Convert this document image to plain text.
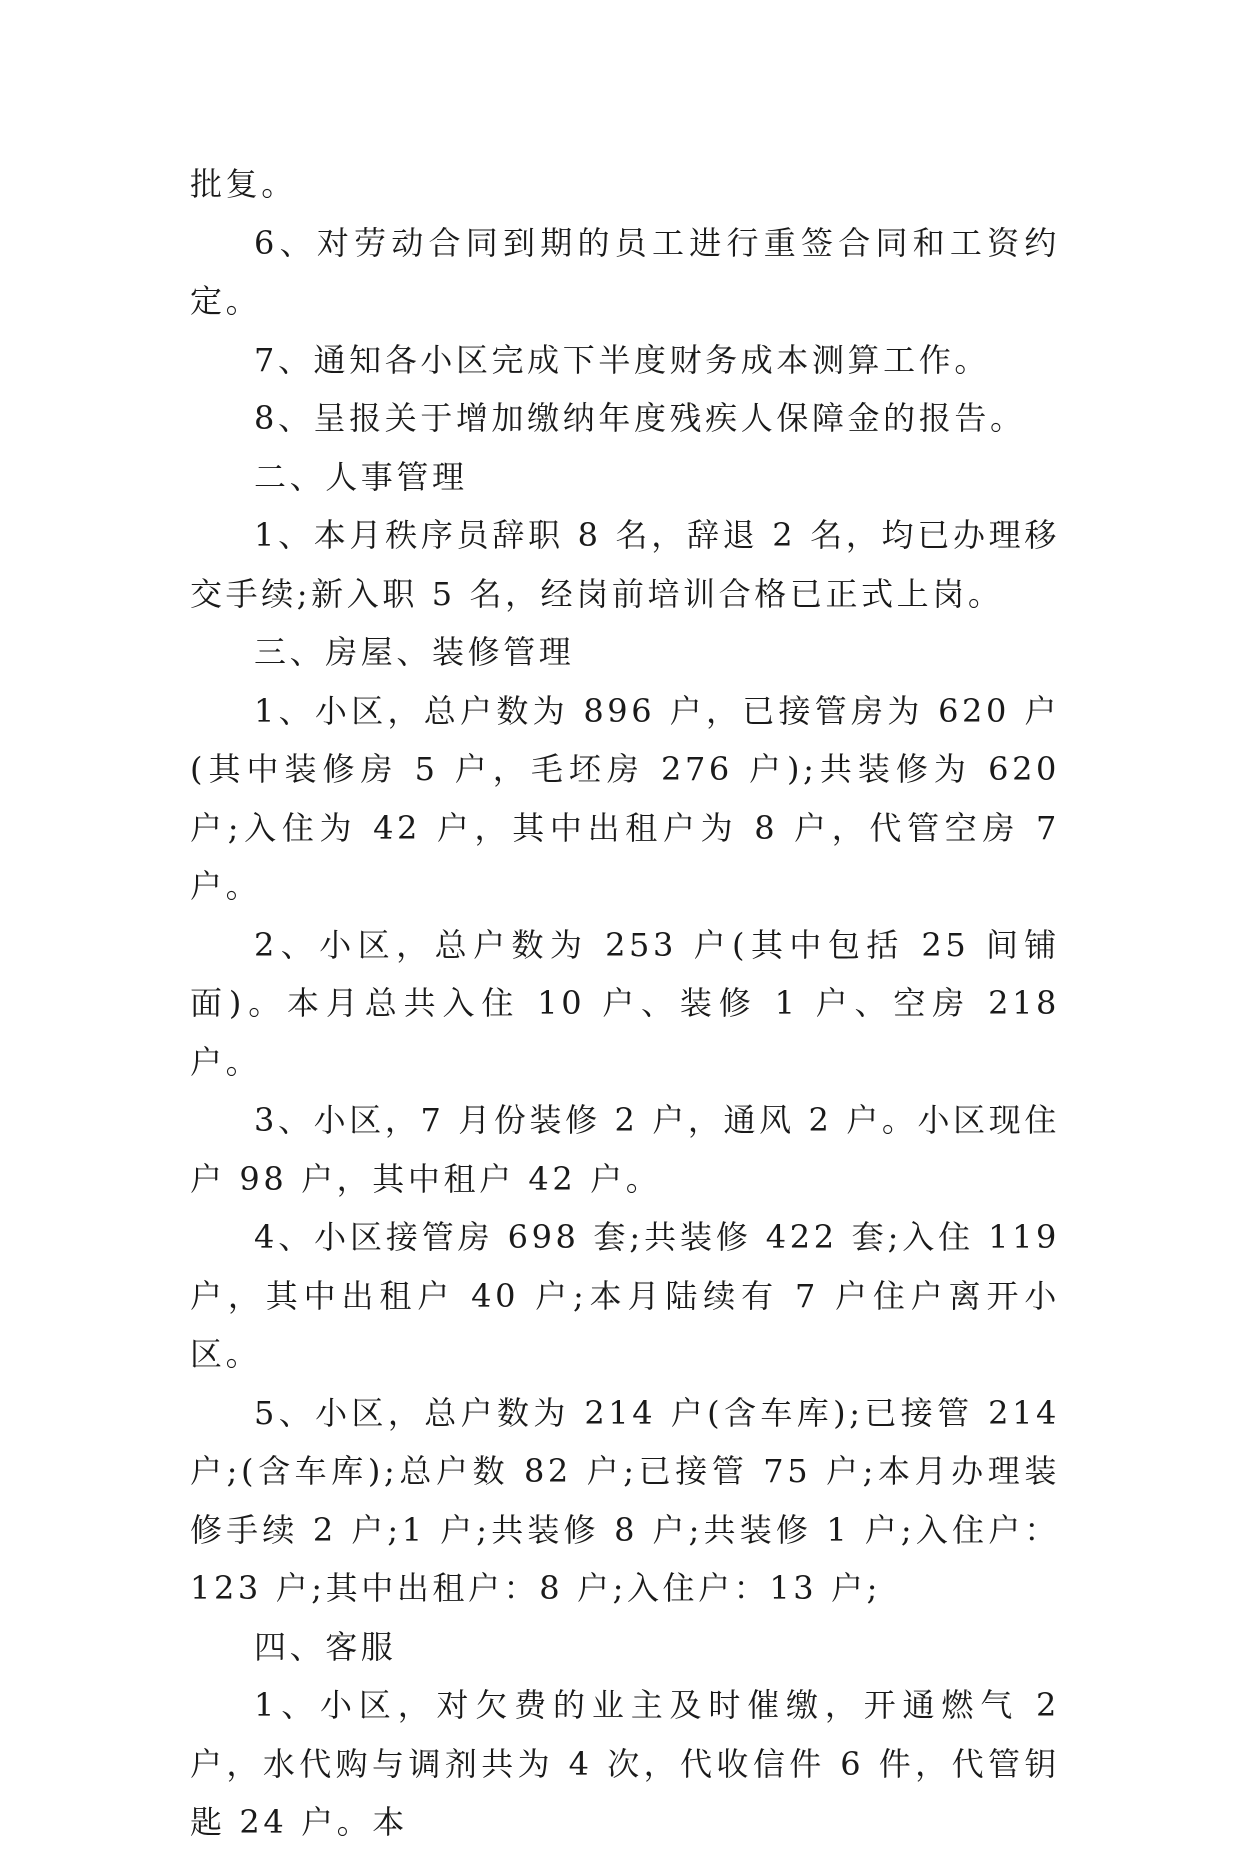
批复。

6、对劳动合同到期的员工进行重签合同和工资约定。

7、通知各小区完成下半度财务成本测算工作。

8、呈报关于增加缴纳年度残疾人保障金的报告。

二、人事管理

1、本月秩序员辞职 8 名，辞退 2 名，均已办理移交手续;新入职 5 名，经岗前培训合格已正式上岗。

三、房屋、装修管理

1、小区，总户数为 896 户，已接管房为 620 户(其中装修房 5 户，毛坯房 276 户);共装修为 620 户;入住为 42 户，其中出租户为 8 户，代管空房 7 户。

2、小区，总户数为 253 户(其中包括 25 间铺面)。本月总共入住 10 户、装修 1 户、空房 218 户。

3、小区，7 月份装修 2 户，通风 2 户。小区现住户 98 户，其中租户 42 户。

4、小区接管房 698 套;共装修 422 套;入住 119 户，其中出租户 40 户;本月陆续有 7 户住户离开小区。

5、小区，总户数为 214 户(含车库);已接管 214 户;(含车库);总户数 82 户;已接管 75 户;本月办理装修手续 2 户;1 户;共装修 8 户;共装修 1 户;入住户：123 户;其中出租户：8 户;入住户：13 户;

四、客服

1、小区，对欠费的业主及时催缴，开通燃气 2 户，水代购与调剂共为 4 次，代收信件 6 件，代管钥匙 24 户。本
